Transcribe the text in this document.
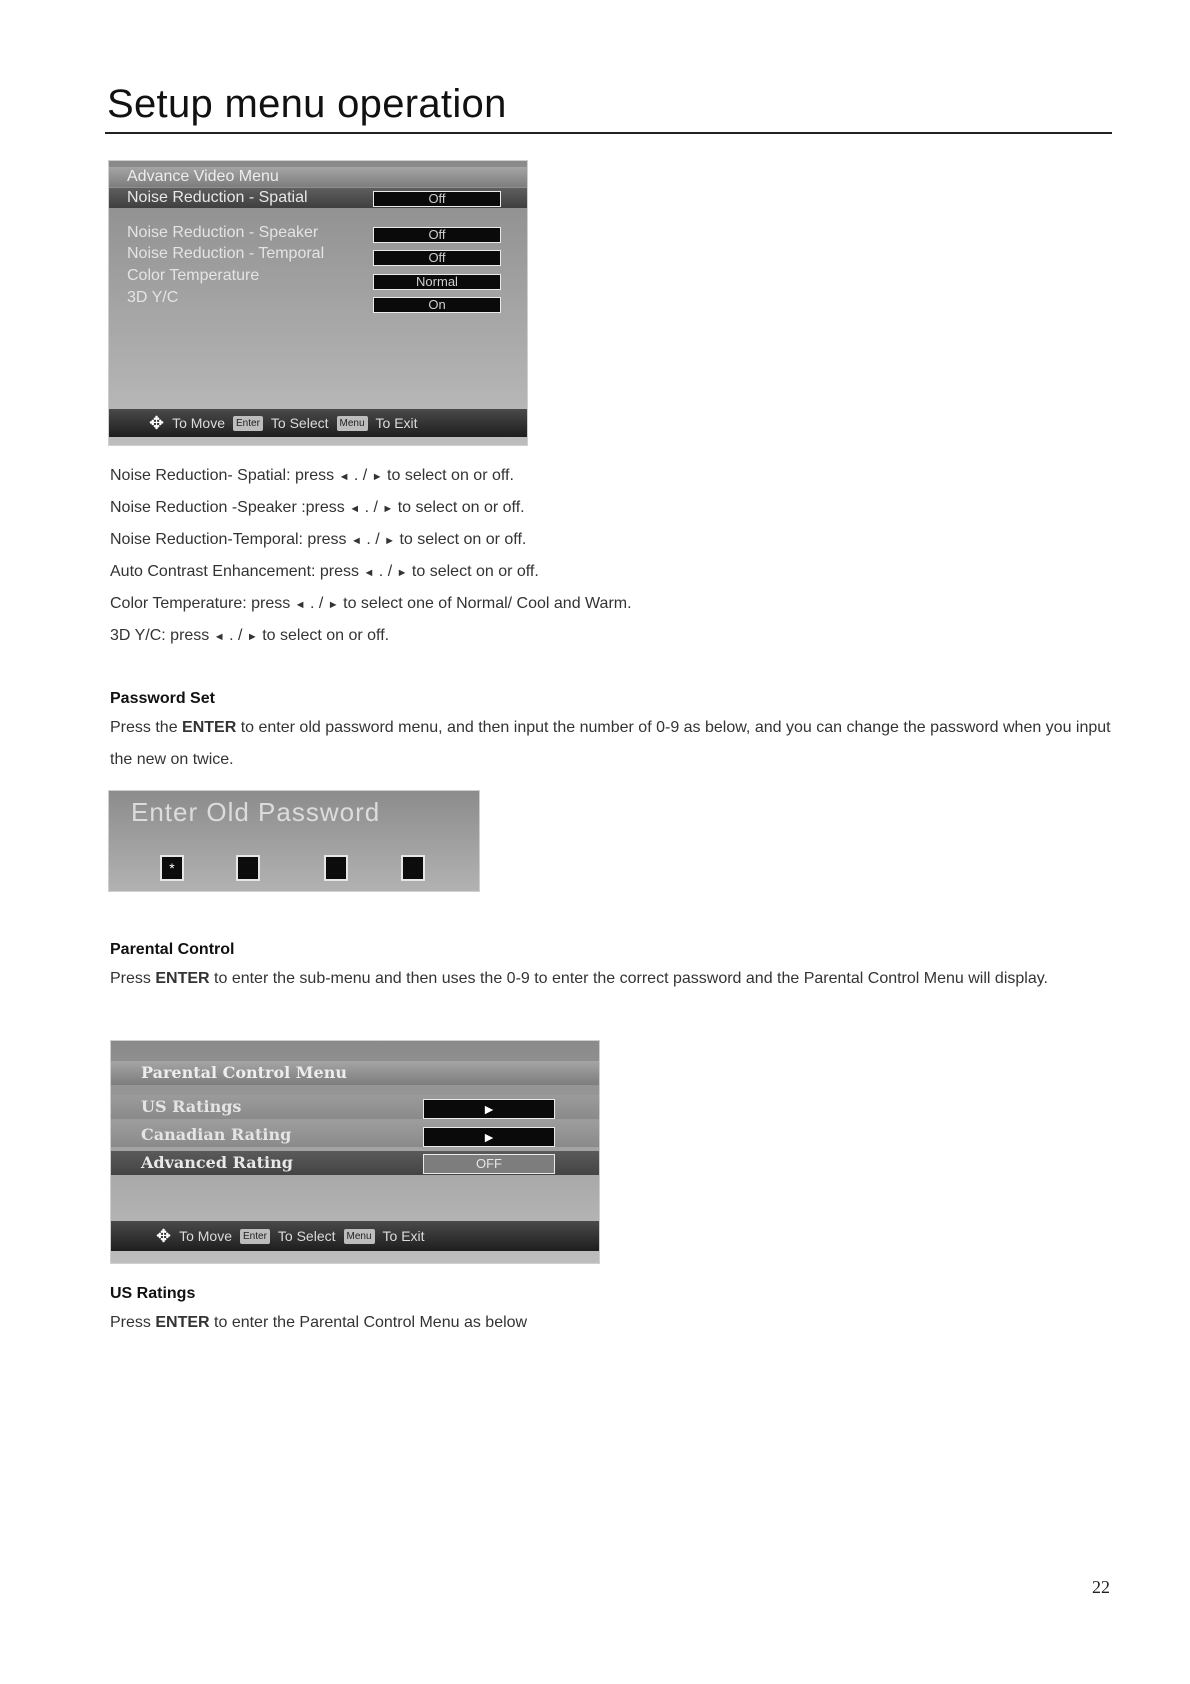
Setup menu operation
Advance Video Menu
Noise Reduction - Spatial	Off
Noise Reduction - Speaker	Off
Noise Reduction - Temporal	Off
Color Temperature	Normal
3D Y/C	On
✥ To Move	Enter To Select	Menu To Exit
Noise Reduction- Spatial: press ◄ . / ► to select on or off.
Noise Reduction -Speaker :press ◄ . / ► to select on or off.
Noise Reduction-Temporal: press ◄ . / ► to select on or off.
Auto Contrast Enhancement: press ◄ . / ► to select on or off.
Color Temperature: press ◄ . / ► to select one of Normal/ Cool and Warm.
3D Y/C: press ◄ . / ► to select on or off.
Password Set
Press the ENTER to enter old password menu, and then input the number of 0-9 as below, and you can change the password when you input the new on twice.
Enter Old Password
*
Parental Control
Press ENTER to enter the sub-menu and then uses the 0-9 to enter the correct password and the Parental Control Menu will display.
Parental Control Menu
US Ratings	►
Canadian Rating	►
Advanced Rating	OFF
✥ To Move	Enter To Select	Menu To Exit
US Ratings
Press ENTER to enter the Parental Control Menu as below
22
